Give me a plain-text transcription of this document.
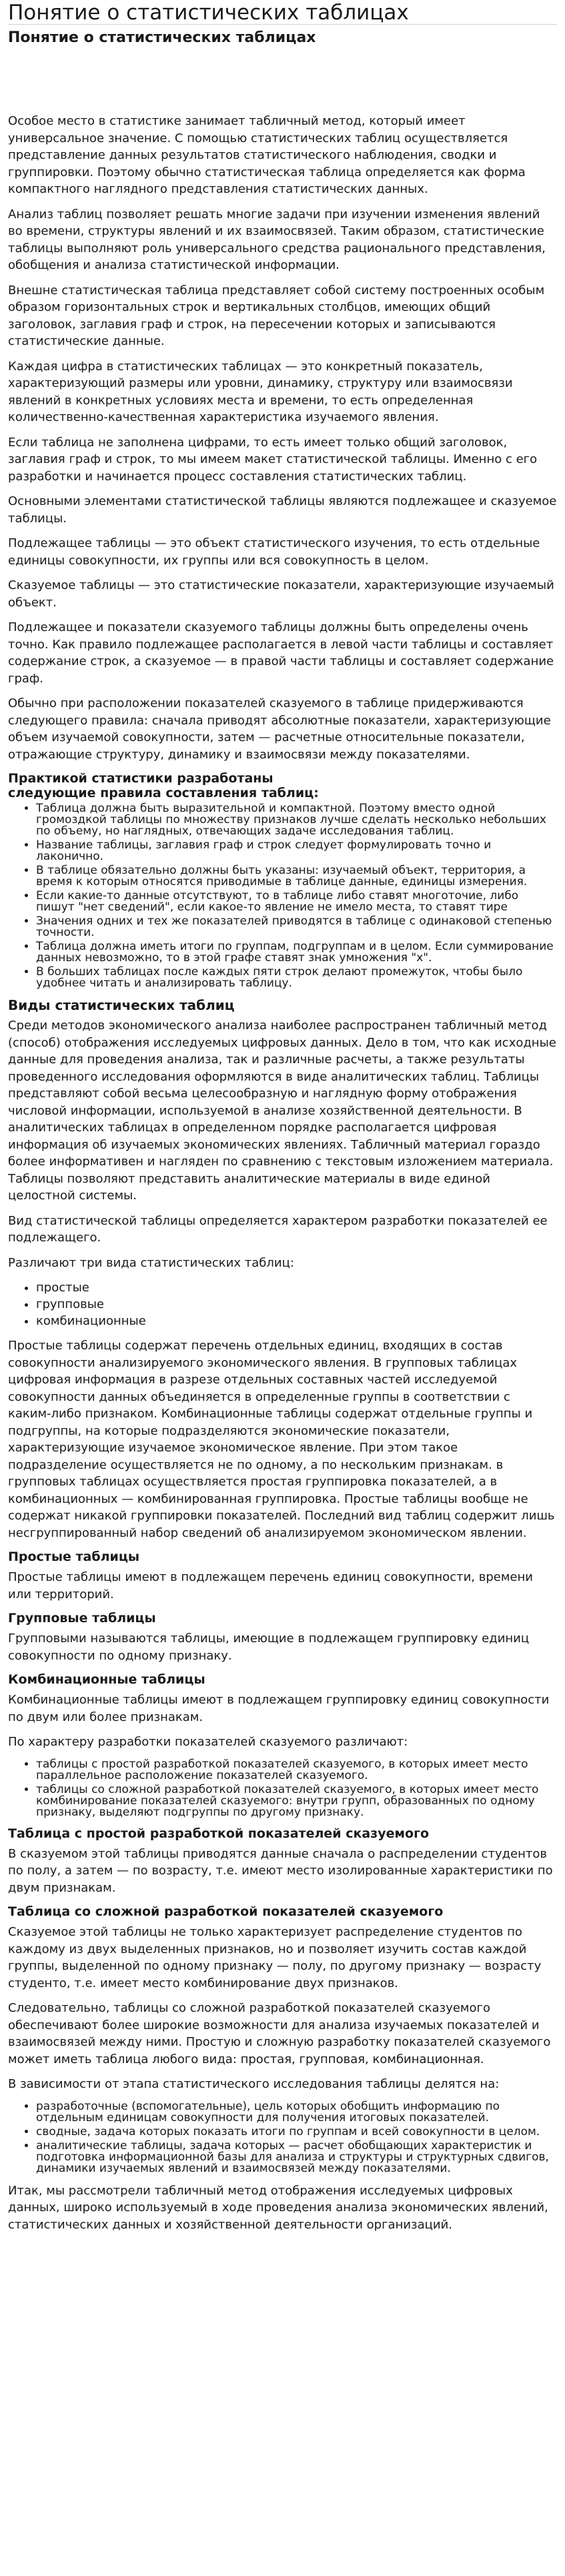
Понятие о статистических таблицах
Понятие о статистических таблицах

Особое место в статистике занимает табличный метод, который имеет универсальное значение. С помощью статистических таблиц осуществляется представление данных результатов статистического наблюдения, сводки и группировки. Поэтому обычно статистическая таблица определяется как форма компактного наглядного представления статистических данных.

Анализ таблиц позволяет решать многие задачи при изучении изменения явлений во времени, структуры явлений и их взаимосвязей. Таким образом, статистические таблицы выполняют роль универсального средства рационального представления, обобщения и анализа статистической информации.

Внешне статистическая таблица представляет собой систему построенных особым образом горизонтальных строк и вертикальных столбцов, имеющих общий заголовок, заглавия граф и строк, на пересечении которых и записываются статистические данные.

Каждая цифра в статистических таблицах — это конкретный показатель, характеризующий размеры или уровни, динамику, структуру или взаимосвязи явлений в конкретных условиях места и времени, то есть определенная количественно-качественная характеристика изучаемого явления.

Если таблица не заполнена цифрами, то есть имеет только общий заголовок, заглавия граф и строк, то мы имеем макет статистической таблицы. Именно с его разработки и начинается процесс составления статистических таблиц.

Основными элементами статистической таблицы являются подлежащее и сказуемое таблицы.

Подлежащее таблицы — это объект статистического изучения, то есть отдельные единицы совокупности, их группы или вся совокупность в целом.

Сказуемое таблицы — это статистические показатели, характеризующие изучаемый объект.

Подлежащее и показатели сказуемого таблицы должны быть определены очень точно. Как правило подлежащее располагается в левой части таблицы и составляет содержание строк, а сказуемое — в правой части таблицы и составляет содержание граф.

Обычно при расположении показателей сказуемого в таблице придерживаются следующего правила: сначала приводят абсолютные показатели, характеризующие объем изучаемой совокупности, затем — расчетные относительные показатели, отражающие структуру, динамику и взаимосвязи между показателями.

Практикой статистики разработаны
следующие правила составления таблиц:
• Таблица должна быть выразительной и компактной. Поэтому вместо одной громоздкой таблицы по множеству признаков лучше сделать несколько небольших по объему, но наглядных, отвечающих задаче исследования таблиц.
• Название таблицы, заглавия граф и строк следует формулировать точно и лаконично.
• В таблице обязательно должны быть указаны: изучаемый объект, территория, а время к которым относятся приводимые в таблице данные, единицы измерения.
• Если какие-то данные отсутствуют, то в таблице либо ставят многоточие, либо пишут "нет сведений", если какое-то явление не имело места, то ставят тире
• Значения одних и тех же показателей приводятся в таблице с одинаковой степенью точности.
• Таблица должна иметь итоги по группам, подгруппам и в целом. Если суммирование данных невозможно, то в этой графе ставят знак умножения "х".
• В больших таблицах после каждых пяти строк делают промежуток, чтобы было удобнее читать и анализировать таблицу.
Виды статистических таблиц

Среди методов экономического анализа наиболее распространен табличный метод (способ) отображения исследуемых цифровых данных. Дело в том, что как исходные данные для проведения анализа, так и различные расчеты, а также результаты проведенного исследования оформляются в виде аналитических таблиц. Таблицы представляют собой весьма целесообразную и наглядную форму отображения числовой информации, используемой в анализе хозяйственной деятельности. В аналитических таблицах в определенном порядке располагается цифровая информация об изучаемых экономических явлениях. Табличный материал гораздо более информативен и нагляден по сравнению с текстовым изложением материала. Таблицы позволяют представить аналитические материалы в виде единой целостной системы.

Вид статистической таблицы определяется характером разработки показателей ее подлежащего.

Различают три вида статистических таблиц:

• простые
• групповые
• комбинационные

Простые таблицы содержат перечень отдельных единиц, входящих в состав совокупности анализируемого экономического явления. В групповых таблицах цифровая информация в разрезе отдельных составных частей исследуемой совокупности данных объединяется в определенные группы в соответствии с каким-либо признаком. Комбинационные таблицы содержат отдельные группы и подгруппы, на которые подразделяются экономические показатели, характеризующие изучаемое экономическое явление. При этом такое подразделение осуществляется не по одному, а по нескольким признакам. в групповых таблицах осуществляется простая группировка показателей, а в комбинационных — комбинированная группировка. Простые таблицы вообще не содержат никакой группировки показателей. Последний вид таблиц содержит лишь несгруппированный набор сведений об анализируемом экономическом явлении.

Простые таблицы

Простые таблицы имеют в подлежащем перечень единиц совокупности, времени или территорий.

Групповые таблицы

Групповыми называются таблицы, имеющие в подлежащем группировку единиц совокупности по одному признаку.

Комбинационные таблицы

Комбинационные таблицы имеют в подлежащем группировку единиц совокупности по двум или более признакам.

По характеру разработки показателей сказуемого различают:

• таблицы с простой разработкой показателей сказуемого, в которых имеет место параллельное расположение показателей сказуемого.
• таблицы со сложной разработкой показателей сказуемого, в которых имеет место комбинирование показателей сказуемого: внутри групп, образованных по одному признаку, выделяют подгруппы по другому признаку.
Таблица с простой разработкой показателей сказуемого

В сказуемом этой таблицы приводятся данные сначала о распределении студентов по полу, а затем — по возрасту, т.е. имеют место изолированные характеристики по двум признакам.

Таблица со сложной разработкой показателей сказуемого

Сказуемое этой таблицы не только характеризует распределение студентов по каждому из двух выделенных признаков, но и позволяет изучить состав каждой группы, выделенной по одному признаку — полу, по другому признаку — возрасту студенто, т.е. имеет место комбинирование двух признаков.

Следовательно, таблицы со сложной разработкой показателей сказуемого обеспечивают более широкие возможности для анализа изучаемых показателей и взаимосвязей между ними. Простую и сложную разработку показателей сказуемого может иметь таблица любого вида: простая, групповая, комбинационная.

В зависимости от этапа статистического исследования таблицы делятся на:

• разработочные (вспомогательные), цель которых обобщить информацию по отдельным единицам совокупности для получения итоговых показателей.
• сводные, задача которых показать итоги по группам и всей совокупности в целом.
• аналитические таблицы, задача которых — расчет обобщающих характеристик и подготовка информационной базы для анализа и структуры и структурных сдвигов, динамики изучаемых явлений и взаимосвязей между показателями.

Итак, мы рассмотрели табличный метод отображения исследуемых цифровых данных, широко используемый в ходе проведения анализа экономических явлений, статистических данных и хозяйственной деятельности организаций.
